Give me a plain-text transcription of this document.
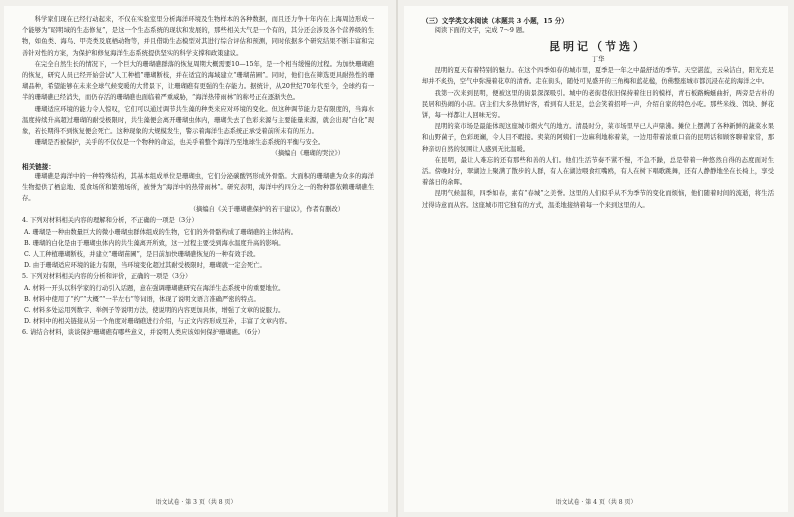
科学家们现在已经行动起来，不仅在实验室里分析海洋环境及生物样本的各种数据，而且还力争十年内在上海周边形成一个能够为“昭明域的生态修复”，是这一个生态系统的现状和发展的，那些相关大气是一个有的，其分还会涉及各个营养级的生物，如鱼类、海鸟、甲壳类及底栖动物等，并且借助生态模型对其进行综合评估和预测，同时依据多个研究结果不断丰富和完善针对性的方案，为保护和修复海洋生态系统提供坚实的科学支撑和政策建议。

在完全自然生长的情况下，一个巨大的珊瑚礁群落的恢复周期大概需要10—15年，是一个相当缓慢的过程。为加快珊瑚礁的恢复，研究人员已经开始尝试“人工种植”珊瑚断枝，并在适宜的海域建立“珊瑚苗圃”。同时，他们也在筛选更具耐热性的珊瑚品种，希望能够在未来全球气候变暖的大背景下，让珊瑚礁有更强的生存能力。据统计，从20世纪70年代至今，全球约有一半的珊瑚礁已经消失，而仍存活的珊瑚礁也面临着严重威胁，“海洋热带雨林”的称号正在逐渐失色。

珊瑚适应环境的能力令人惊叹，它们可以通过调节共生藻的种类来应对环境的变化。但这种调节能力是有限度的，当海水温度持续升高超过珊瑚的耐受极限时，共生藻便会离开珊瑚虫体内，珊瑚失去了色彩来源与主要能量来源，就会出现“白化”现象，若长期得不到恢复便会死亡。这种现象的大规模发生，警示着海洋生态系统正承受着前所未有的压力。

珊瑚是否被保护，关乎的不仅仅是一个物种的命运，也关乎着整个海洋乃至地球生态系统的平衡与安全。

（摘编自《珊瑚的哭泣》）
相关链接：

珊瑚礁是海洋中的一种特殊结构，其基本组成单位是珊瑚虫，它们分泌碳酸钙形成外骨骼。大面积的珊瑚礁为众多的海洋生物提供了栖息地、觅食场所和繁殖场所，被誉为“海洋中的热带雨林”。研究表明，海洋中约四分之一的物种都依赖珊瑚礁生存。

（摘编自《关于珊瑚礁保护的若干建议》，作者有删改）
4. 下列对材料相关内容的理解和分析，不正确的一项是（3分）
A. 珊瑚是一种由数量巨大的微小珊瑚虫群体组成的生物，它们的外骨骼构成了珊瑚礁的主体结构。
B. 珊瑚的白化是由于珊瑚虫体内的共生藻离开所致，这一过程主要受到海水温度升高的影响。
C. 人工种植珊瑚断枝，并建立“珊瑚苗圃”，是目前加快珊瑚礁恢复的一种有效手段。
D. 由于珊瑚适应环境的能力有限，当环境变化超过其耐受极限时，珊瑚就一定会死亡。
5. 下列对材料相关内容的分析和评价，正确的一项是（3分）
A. 材料一开头以科学家的行动引入话题，意在强调珊瑚礁研究在海洋生态系统中的重要地位。
B. 材料中使用了“约”“大概”“一半左右”等词语，体现了说明文语言准确严密的特点。
C. 材料多处运用列数字、举例子等说明方法，使说明的内容更加具体，增强了文章的说服力。
D. 材料中的相关链接从另一个角度对珊瑚礁进行介绍，与正文内容形成互补，丰富了文章内容。
6. 请结合材料，谈谈保护珊瑚礁有哪些意义，并说明人类应该如何保护珊瑚礁。（6分）
语文试卷 · 第 3 页（共 8 页）
（三）文学类文本阅读（本题共 3 小题，15 分）
阅读下面的文字，完成 7～9 题。
昆明记（节选）
丁华

昆明的夏天有着特别的魅力。在这个四季如春的城市里，夏季是一年之中最舒适的季节。天空湛蓝，云朵洁白，阳光充足却并不炙热，空气中弥漫着花草的清香。走在街头，随处可见盛开的三角梅和蓝花楹，仿佛整座城市都沉浸在花的海洋之中。

我第一次来到昆明，便被这里的街景深深吸引。城中的老街巷依旧保持着往日的模样，青石板路蜿蜒曲折，两旁是古朴的民居和热闹的小店。店主们大多热情好客，看到有人驻足，总会笑着招呼一声，介绍自家的特色小吃。那些米线、饵块、鲜花饼，每一样都让人回味无穷。

昆明的菜市场是最能体现这座城市烟火气的地方。清晨时分，菜市场里早已人声鼎沸。摊位上摆满了各种新鲜的蔬菜水果和山野菌子，色彩斑斓，令人目不暇接。卖菜的阿姨们一边麻利地称着菜，一边用带着浓重口音的昆明话和顾客聊着家常，那种亲切自然的氛围让人感到无比温暖。

在昆明，最让人难忘的还有那些和善的人们。他们生活节奏不紧不慢，不急不躁，总是带着一种悠然自得的态度面对生活。傍晚时分，翠湖边上聚满了散步的人群，有人在湖边喂食红嘴鸥，有人在树下唱歌跳舞，还有人静静地坐在长椅上，享受着落日的余晖。

昆明气候温和，四季如春，素有“春城”之美誉。这里的人们似乎从不为季节的变化而烦恼，他们随着时间的流逝，将生活过得诗意而从容。这座城市用它独有的方式，温柔地接纳着每一个来到这里的人。

语文试卷 · 第 4 页（共 8 页）
